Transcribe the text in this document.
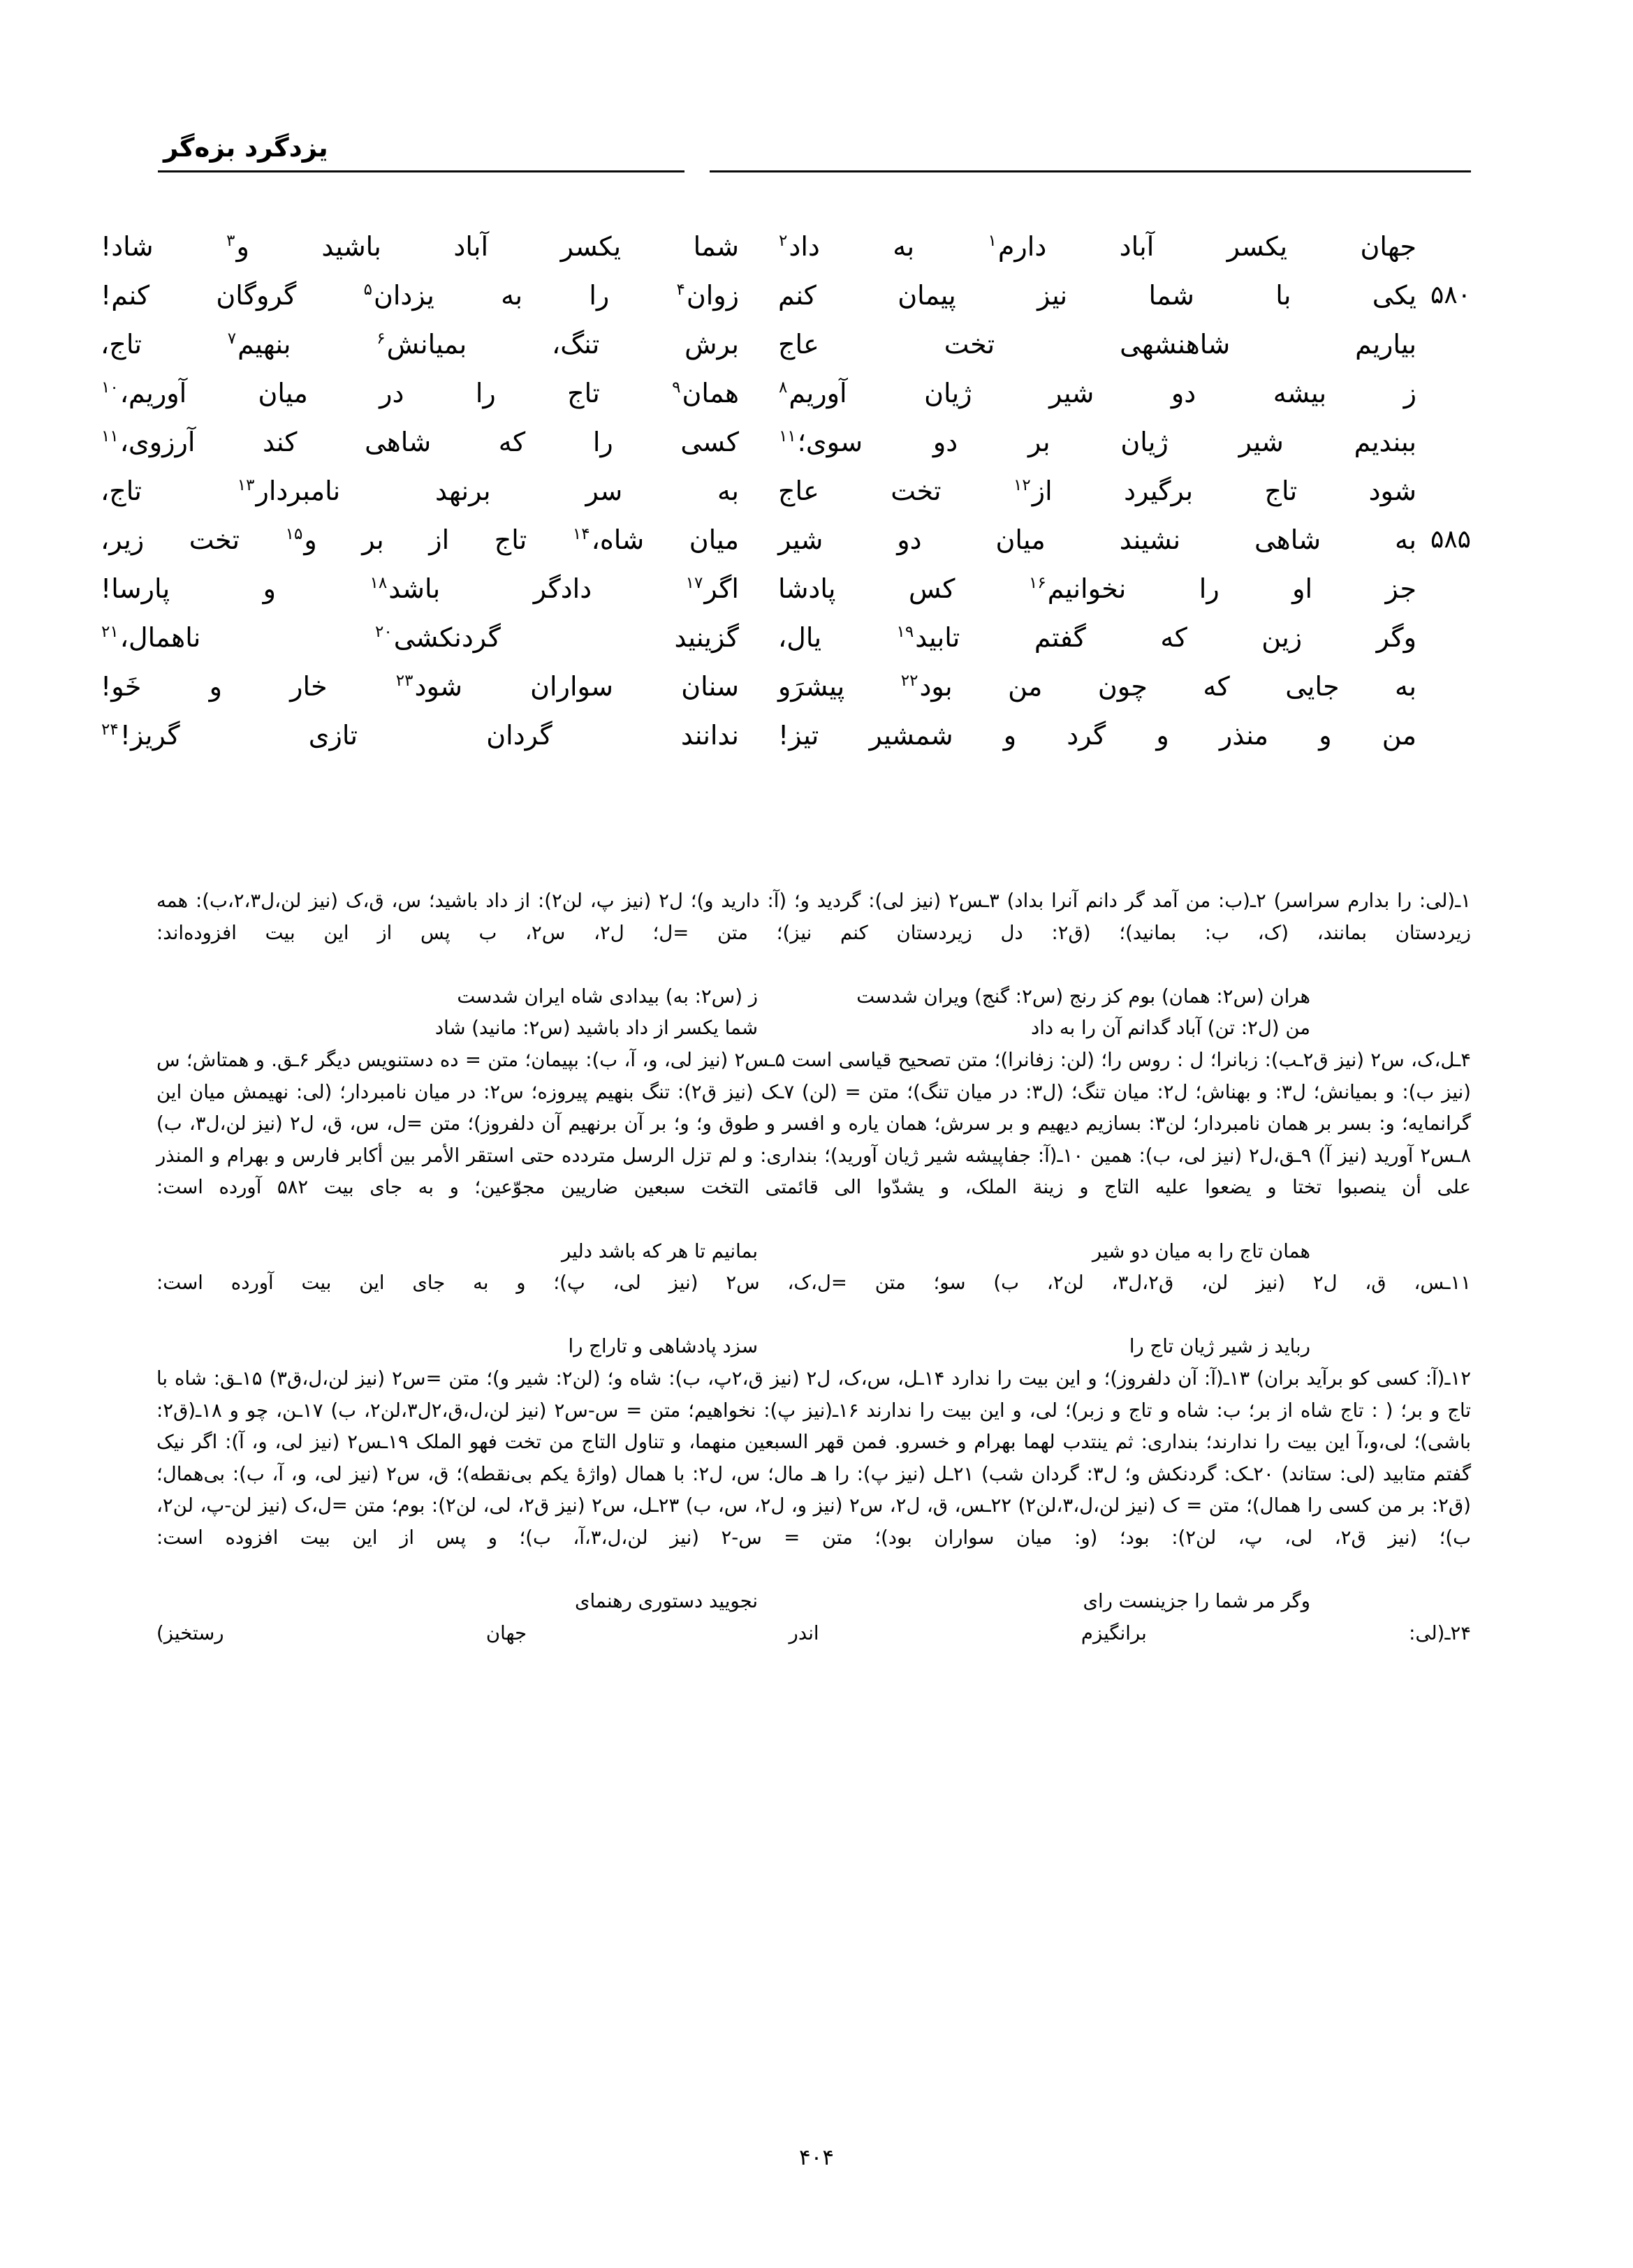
یزدگرد بزه‌گر
جهان
یکسر
آباد
دارم$^۱$
به
داد$^۲$
شما
یکسر
آباد
باشید
و$^۳$
شاد!
۵۸۰
یکی
با
شما
نیز
پیمان
کنم
زوان$^۴$
را
به
یزدان$^۵$
گروگان
کنم!
بیاریم
شاهنشهی
تخت
عاج
برش
تنگ،
بمیانش$^۶$
بنهیم$^۷$
تاج،
ز
بیشه
دو
شیر
ژیان
آوریم$^۸$
همان$^۹$
تاج
را
در
میان
آوریم،$^{۱۰}$
ببندیم
شیر
ژیان
بر
دو
سوی؛$^{۱۱}$
کسی
را
که
شاهی
کند
آرزوی،$^{۱۱}$
شود
تاج
برگیرد
از$^{۱۲}$
تخت
عاج
به
سر
برنهد
نامبردار$^{۱۳}$
تاج،
۵۸۵
به
شاهی
نشیند
میان
دو
شیر
میان
شاه،$^{۱۴}$
تاج
از
بر
و$^{۱۵}$
تخت
زیر،
جز
او
را
نخوانیم$^{۱۶}$
کس
پادشا
اگر$^{۱۷}$
دادگر
باشد$^{۱۸}$
و
پارسا!
وگر
زین
که
گفتم
تابید$^{۱۹}$
یال،
گزینید
گردنکشی$^{۲۰}$
ناهمال،$^{۲۱}$
به
جایی
که
چون
من
بود$^{۲۲}$
پیشرَو
سنان
سواران
شود$^{۲۳}$
خار
و
خَو!
من
و
منذر
و
گرد
و
شمشیر
تیز!
ندانند
گردان
تازی
گریز!$^{۲۴}$

۱ـ(لی: را بدارم سراسر) ۲ـ(ب: من آمد گر دانم آنرا بداد) ۳ـس۲ (نیز لی): گردید و؛ (آ: داريد و)؛ ل۲ (نیز پ، لن۲): از داد باشيد؛ س، ق،ک (نیز لن،ل۲،۳،ب): همه زیردستان بمانند، (ک، ب: بمانید)؛ (ق۲: دل زیردستان کنم نیز)؛ متن =ل؛ ل۲، س۲، ب پس از این بیت افزوده‌اند:

هران (س۲: همان) بوم کز رنج (س۲: گنج) ویران شدست
ز (س۲: به) بیدادی شاه ایران شدست
من (ل۲: تن) آباد گدانم آن را به داد
شما یکسر از داد باشید (س۲: مانید) شاد

۴ـل،ک، س۲ (نیز ق۲ـب): زبانرا؛ ل : روس را؛ (لن: زفانرا)؛ متن تصحیح قیاسی است ۵ـس۲ (نیز لی، و، آ، ب): بپیمان؛ متن = ده دستنویس دیگر ۶ـق. و همتاش؛ س (نیز ب): و بمیانش؛ ل۳: و بهناش؛ ل۲: میان تنگ؛ (ل۳: در میان تنگ)؛ متن = (لن) ۷ـک (نیز ق۲): تنگ بنهیم پیروزه؛ س۲: در میان نامبردار؛ (لی: نهیمش میان این گرانمایه؛ و: بسر بر همان نامبردار؛ لن۳: بسازیم دیهیم و بر سرش؛ همان یاره و افسر و طوق و؛ و؛ بر آن برنهیم آن دلفروز)؛ متن =ل، س، ق، ل۲ (نیز لن،ل۳، ب) ۸ـس۲ آورید (نیز آ) ۹ـق،ل۲ (نیز لی، ب): همین ۱۰ـ(آ: جفاپیشه شیر ژیان آورید)؛ بنداری: و لم تزل الرسل متردده حتی استقر الأمر بین أکابر فارس و بهرام و المنذر علی أن ينصبوا تختا و یضعوا علیه التاج و زینة الملک، و یشدّوا الی قائمتی التخت سبعین ضاریین مجوّعین؛ و به جای بیت ۵۸۲ آورده است:

همان تاج را به میان دو شیر
بمانیم تا هر که باشد دلیر

۱۱ـس، ق، ل۲ (نیز لن، ق۲،ل۳، لن۲، ب) سو؛ متن =ل،ک، س۲ (نیز لی، پ)؛ و به جای این بیت آورده است:

رباید ز شیر ژیان تاج را
سزد پادشاهی و تاراج را

۱۲ـ(آ: کسی کو برآید بران) ۱۳ـ(آ: آن دلفروز)؛ و این بیت را ندارد ۱۴ـل، س،ک، ل۲ (نیز ق،۲پ، ب): شاه و؛ (لن۲: شیر و)؛ متن =س۲ (نیز لن،ل،ق۳) ۱۵ـق: شاه با تاج و بر؛ ( : تاج شاه از بر؛ ب: شاه و تاج و زبر)؛ لی، و این بیت را ندارند ۱۶ـ(نیز پ): نخواهیم؛ متن = س-س۲ (نیز لن،ل،ق،۲ل۳،لن۲، ب) ۱۷ـن، چو و ۱۸ـ(ق۲: باشی)؛ لی،و،آ این بیت را ندارند؛ بنداری: ثم ينتدب لهما بهرام و خسرو. فمن قهر السبعين منهما، و تناول التاج من تخت فهو الملک ۱۹ـس۲ (نیز لی، و، آ): اگر نیک گفتم متابید (لی: ستاند) ۲۰ـک: گردنکش و؛ ل۳: گردان شب) ۲۱ـل (نیز پ): را هـ مال؛ س، ل۲: با همال (واژهٔ یکم بی‌نقطه)؛ ق، س۲ (نیز لی، و، آ، ب): بی‌همال؛ (ق۲: بر من کسی را همال)؛ متن = ک (نیز لن،ل،۳،لن۲) ۲۲ـس، ق، ل۲، س۲ (نیز و، ل۲، س، ب) ۲۳ـل، س۲ (نیز ق۲، لی، لن۲): بوم؛ متن =ل،ک (نیز لن-پ، لن۲، ب)؛ (نیز ق۲، لی، پ، لن۲): بود؛ (و: میان سواران بود)؛ متن = س-۲ (نیز لن،ل،۳،آ، ب)؛ و پس از این بیت افزوده است:

وگر مر شما را جزینست رای
نجویید دستوری رهنمای

۲۴ـ(لی: برانگیزم اندر جهان رستخیز)

۴۰۴
